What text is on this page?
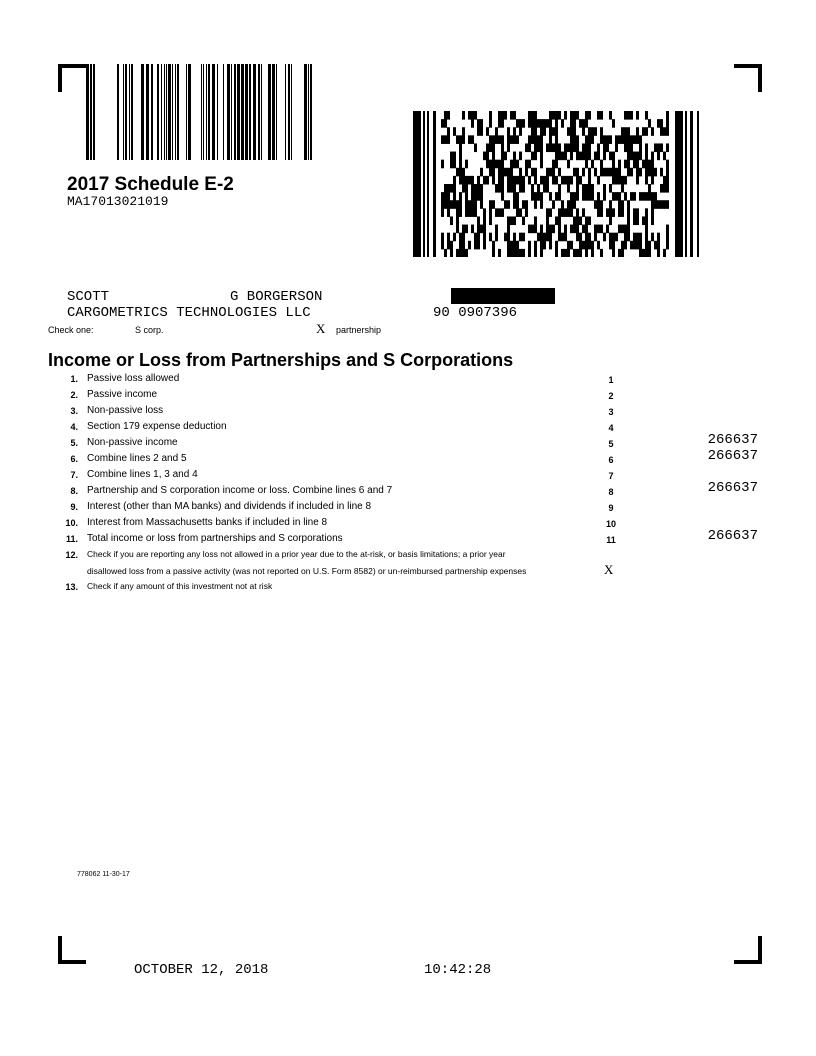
2017 Schedule E-2
MA17013021019
SCOTT	G BORGERSON
CARGOMETRICS TECHNOLOGIES LLC	90 0907396
Check one:	S corp.	X partnership
Income or Loss from Partnerships and S Corporations
1. Passive loss allowed	1
2. Passive income	2
3. Non-passive loss	3
4. Section 179 expense deduction	4
5. Non-passive income	5	266637
6. Combine lines 2 and 5	6	266637
7. Combine lines 1, 3 and 4	7
8. Partnership and S corporation income or loss. Combine lines 6 and 7	8	266637
9. Interest (other than MA banks) and dividends if included in line 8	9
10. Interest from Massachusetts banks if included in line 8	10
11. Total income or loss from partnerships and S corporations	11	266637
12. Check if you are reporting any loss not allowed in a prior year due to the at-risk, or basis limitations; a prior year
disallowed loss from a passive activity (was not reported on U.S. Form 8582) or un-reimbursed partnership expenses	X
13. Check if any amount of this investment not at risk
778062 11-30-17
OCTOBER 12, 2018	10:42:28
